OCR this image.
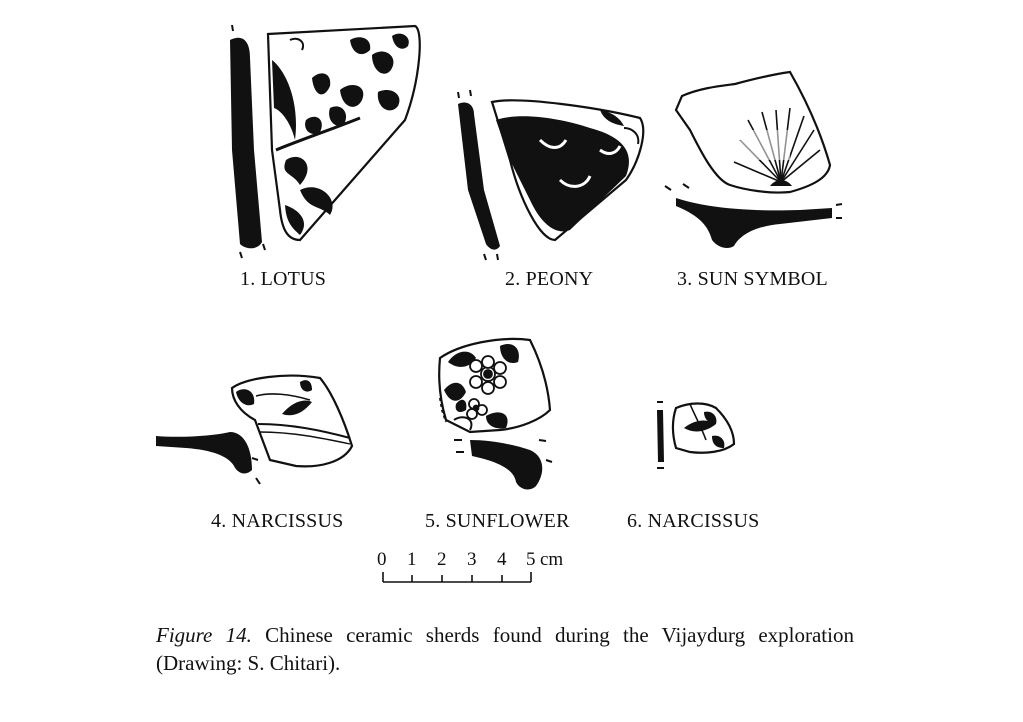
1. LOTUS	2. PEONY	3. SUN SYMBOL
4. NARCISSUS	5. SUNFLOWER	6. NARCISSUS
0 1 2 3 4 5 cm
Figure 14. Chinese ceramic sherds found during the Vijaydurg exploration (Drawing: S. Chitari).
